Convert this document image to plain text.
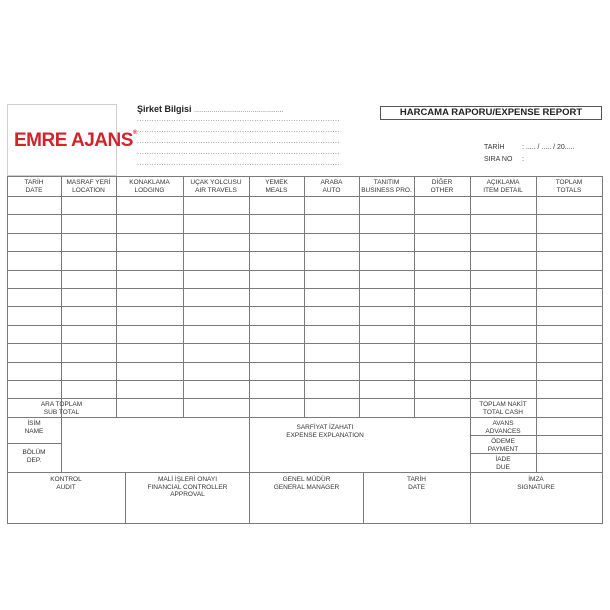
EMRE AJANS®
Şirket Bilgisi ..............................................
...................................................................................
...................................................................................
...................................................................................
...................................................................................
...................................................................................
HARCAMA RAPORU/EXPENSE REPORT
TARİH	: ..... / ..... / 20.....
SIRA NO :
TARİH
DATE
MASRAF YERİ
LOCATION
KONAKLAMA
LODGING
UÇAK YOLCUSU
AIR TRAVELS
YEMEK
MEALS
ARABA
AUTO
TANITIM
BUSINESS PRO.
DİĞER
OTHER
AÇIKLAMA
ITEM DETAIL
TOPLAM
TOTALS
ARA TOPLAM
SUB TOTAL
TOPLAM NAKİT
TOTAL CASH
İSİM
NAME
BÖLÜM
DEP.
SARFİYAT İZAHATI
EXPENSE EXPLANATION
AVANS
ADVANCES
ÖDEME
PAYMENT
İADE
DUE
KONTROL
AUDIT
MALİ İŞLERİ ONAYI
FINANCIAL CONTROLLER
APPROVAL
GENEL MÜDÜR
GENERAL MANAGER
TARİH
DATE
İMZA
SIGNATURE
